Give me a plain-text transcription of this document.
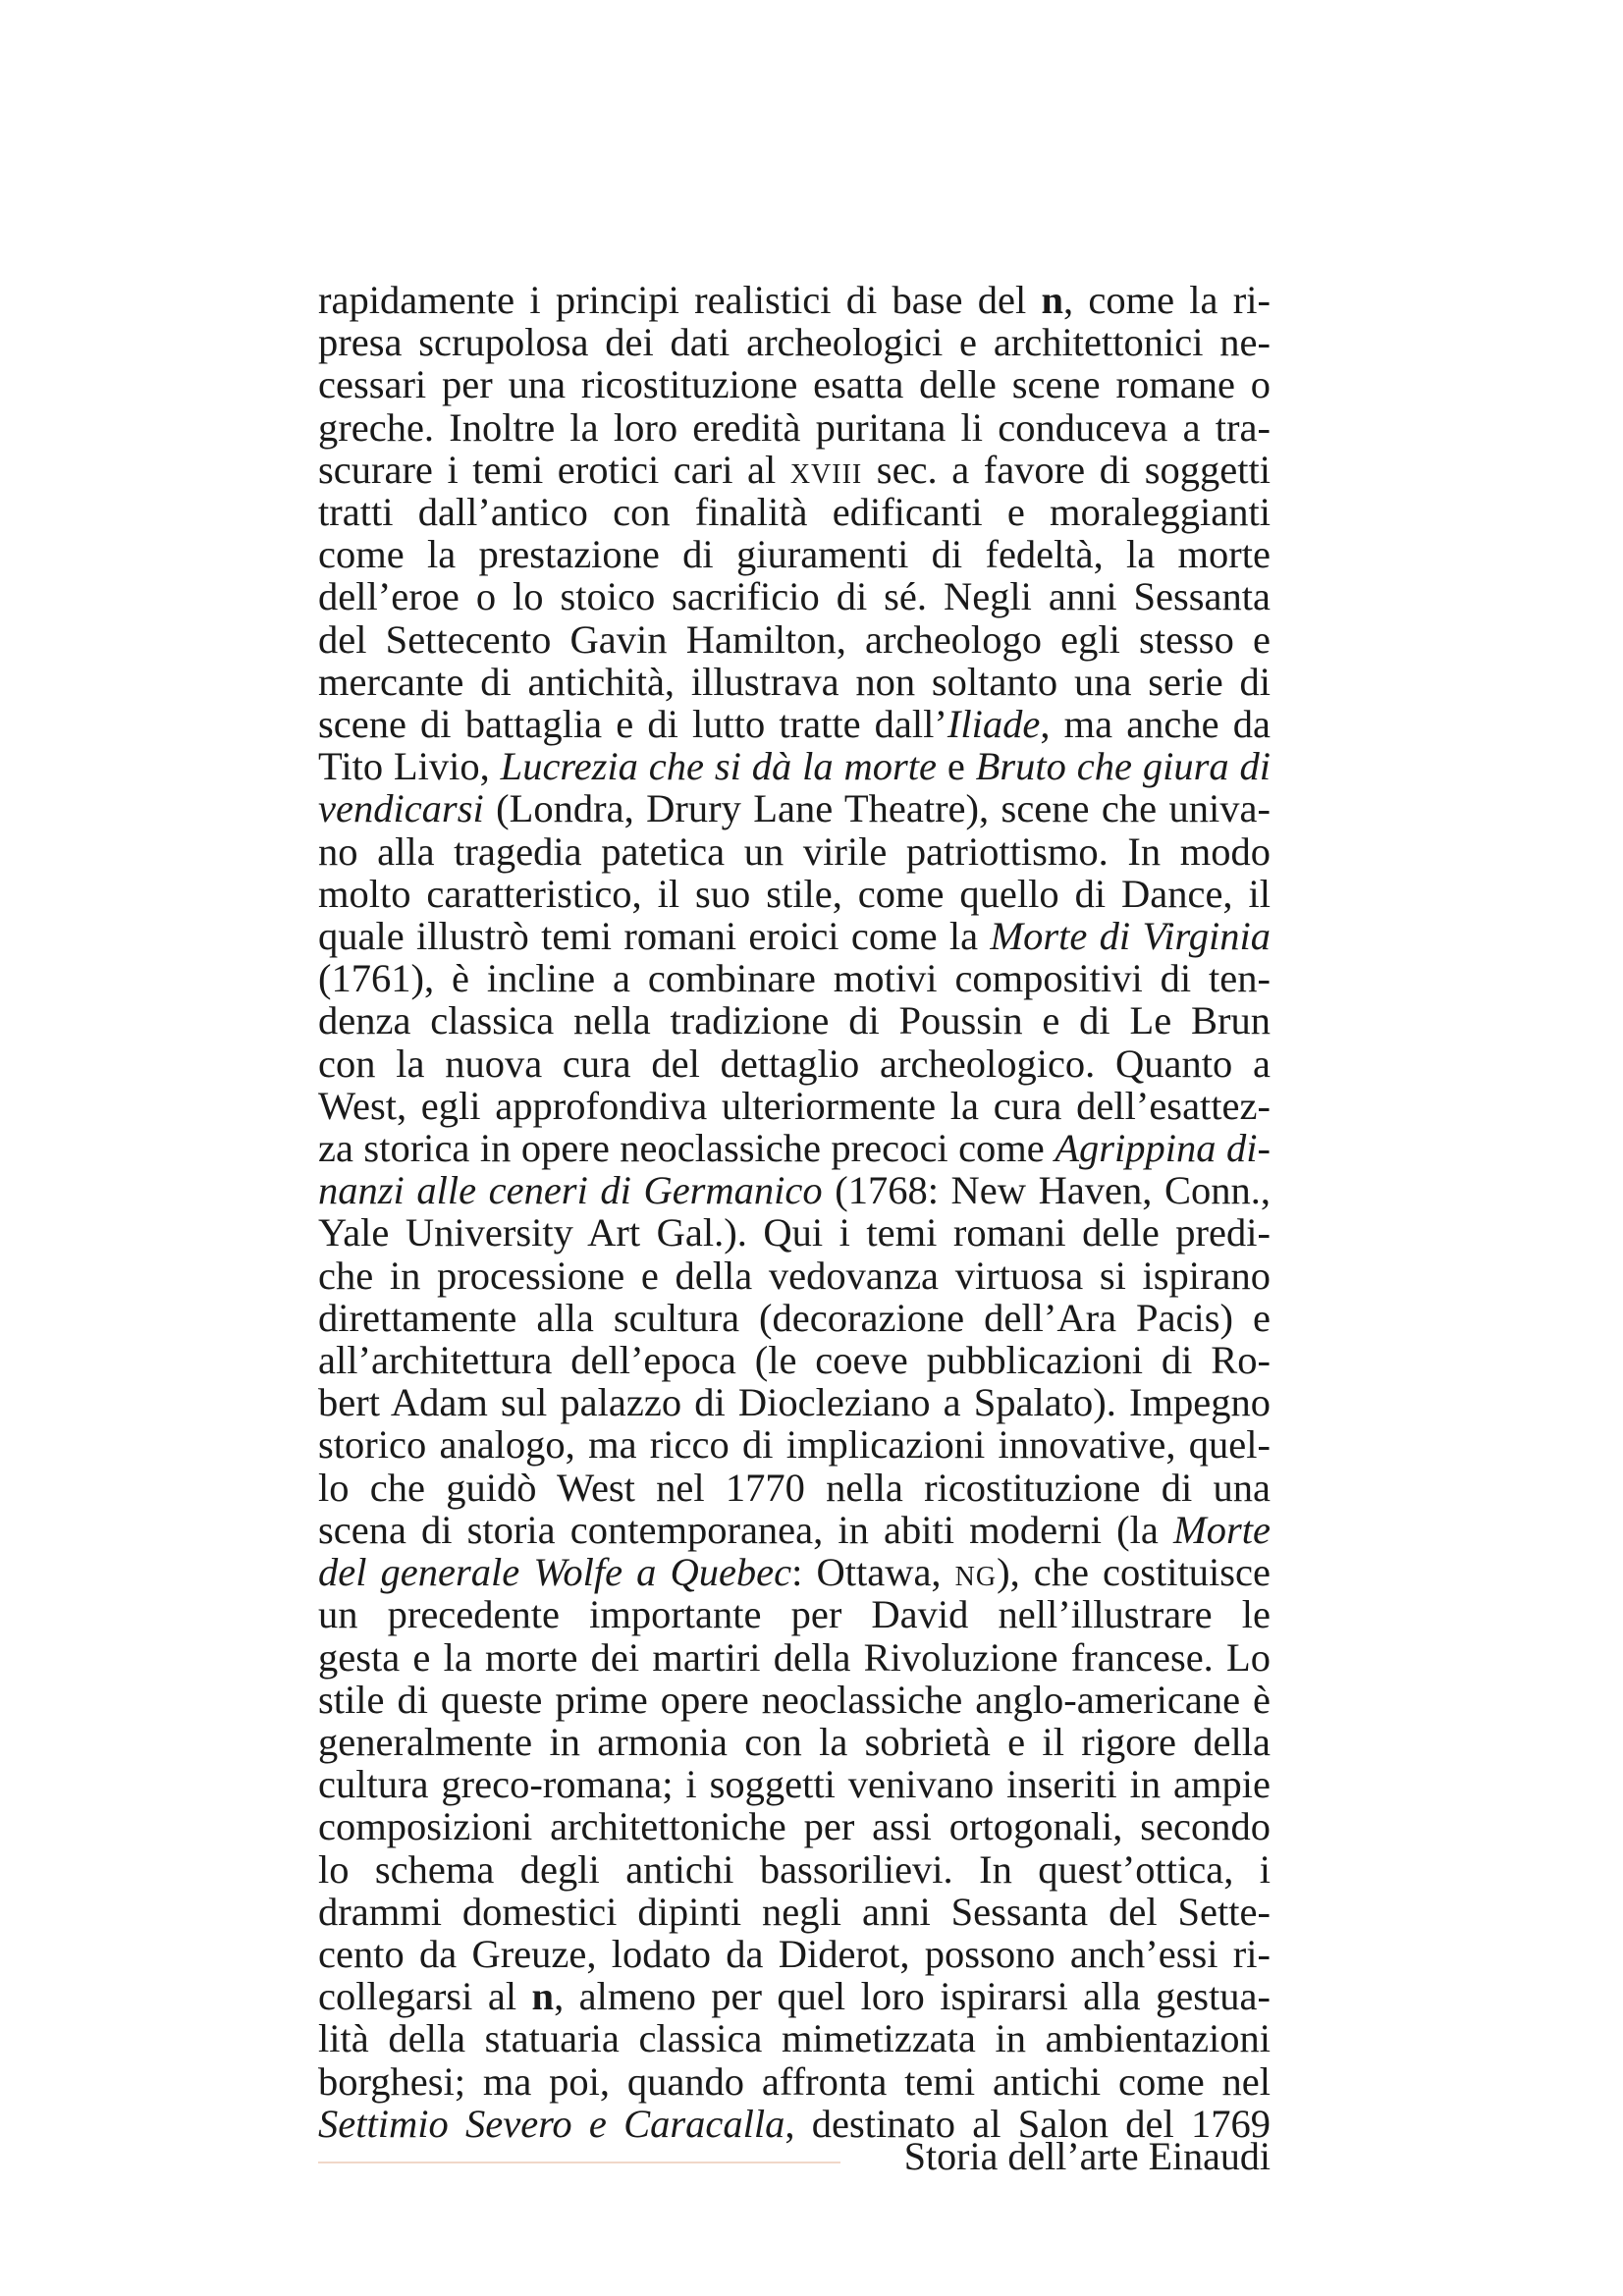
rapidamente i principi realistici di base del n, come la ri-
presa scrupolosa dei dati archeologici e architettonici ne-
cessari per una ricostituzione esatta delle scene romane o
greche. Inoltre la loro eredità puritana li conduceva a tra-
scurare i temi erotici cari al xviii sec. a favore di soggetti
tratti dall’antico con finalità edificanti e moraleggianti
come la prestazione di giuramenti di fedeltà, la morte
dell’eroe o lo stoico sacrificio di sé. Negli anni Sessanta
del Settecento Gavin Hamilton, archeologo egli stesso e
mercante di antichità, illustrava non soltanto una serie di
scene di battaglia e di lutto tratte dall’Iliade, ma anche da
Tito Livio, Lucrezia che si dà la morte e Bruto che giura di
vendicarsi (Londra, Drury Lane Theatre), scene che univa-
no alla tragedia patetica un virile patriottismo. In modo
molto caratteristico, il suo stile, come quello di Dance, il
quale illustrò temi romani eroici come la Morte di Virginia
(1761), è incline a combinare motivi compositivi di ten-
denza classica nella tradizione di Poussin e di Le Brun
con la nuova cura del dettaglio archeologico. Quanto a
West, egli approfondiva ulteriormente la cura dell’esattez-
za storica in opere neoclassiche precoci come Agrippina di-
nanzi alle ceneri di Germanico (1768: New Haven, Conn.,
Yale University Art Gal.). Qui i temi romani delle predi-
che in processione e della vedovanza virtuosa si ispirano
direttamente alla scultura (decorazione dell’Ara Pacis) e
all’architettura dell’epoca (le coeve pubblicazioni di Ro-
bert Adam sul palazzo di Diocleziano a Spalato). Impegno
storico analogo, ma ricco di implicazioni innovative, quel-
lo che guidò West nel 1770 nella ricostituzione di una
scena di storia contemporanea, in abiti moderni (la Morte
del generale Wolfe a Quebec: Ottawa, ng), che costituisce
un precedente importante per David nell’illustrare le
gesta e la morte dei martiri della Rivoluzione francese. Lo
stile di queste prime opere neoclassiche anglo-americane è
generalmente in armonia con la sobrietà e il rigore della
cultura greco-romana; i soggetti venivano inseriti in ampie
composizioni architettoniche per assi ortogonali, secondo
lo schema degli antichi bassorilievi. In quest’ottica, i
drammi domestici dipinti negli anni Sessanta del Sette-
cento da Greuze, lodato da Diderot, possono anch’essi ri-
collegarsi al n, almeno per quel loro ispirarsi alla gestua-
lità della statuaria classica mimetizzata in ambientazioni
borghesi; ma poi, quando affronta temi antichi come nel
Settimio Severo e Caracalla, destinato al Salon del 1769
Storia dell’arte Einaudi
